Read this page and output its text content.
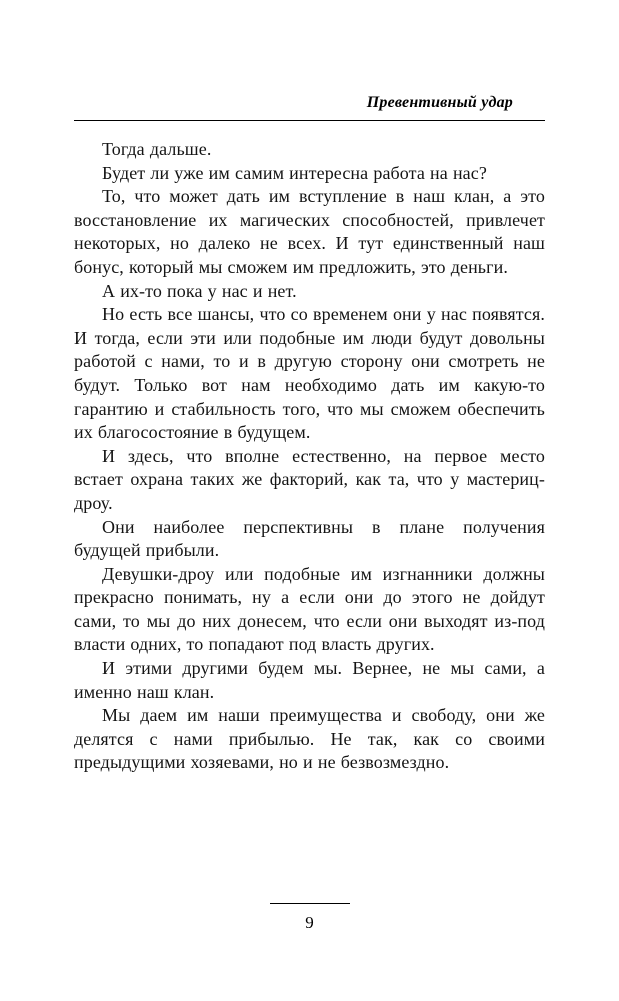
Превентивный удар

Тогда дальше.

Будет ли уже им самим интересна работа на нас?

То, что может дать им вступление в наш клан, а это восстановление их магических способностей, привлечет некоторых, но далеко не всех. И тут единственный наш бонус, который мы сможем им предложить, это деньги.

А их-то пока у нас и нет.

Но есть все шансы, что со временем они у нас появятся. И тогда, если эти или подобные им люди будут довольны работой с нами, то и в другую сторону они смотреть не будут. Только вот нам необходимо дать им какую-то гарантию и стабильность того, что мы сможем обеспечить их благосостояние в будущем.

И здесь, что вполне естественно, на первое место встает охрана таких же факторий, как та, что у мастериц-дроу.

Они наиболее перспективны в плане получения будущей прибыли.

Девушки-дроу или подобные им изгнанники должны прекрасно понимать, ну а если они до этого не дойдут сами, то мы до них донесем, что если они выходят из-под власти одних, то попадают под власть других.

И этими другими будем мы. Вернее, не мы сами, а именно наш клан.

Мы даем им наши преимущества и свободу, они же делятся с нами прибылью. Не так, как со своими предыдущими хозяевами, но и не безвозмездно.

9
